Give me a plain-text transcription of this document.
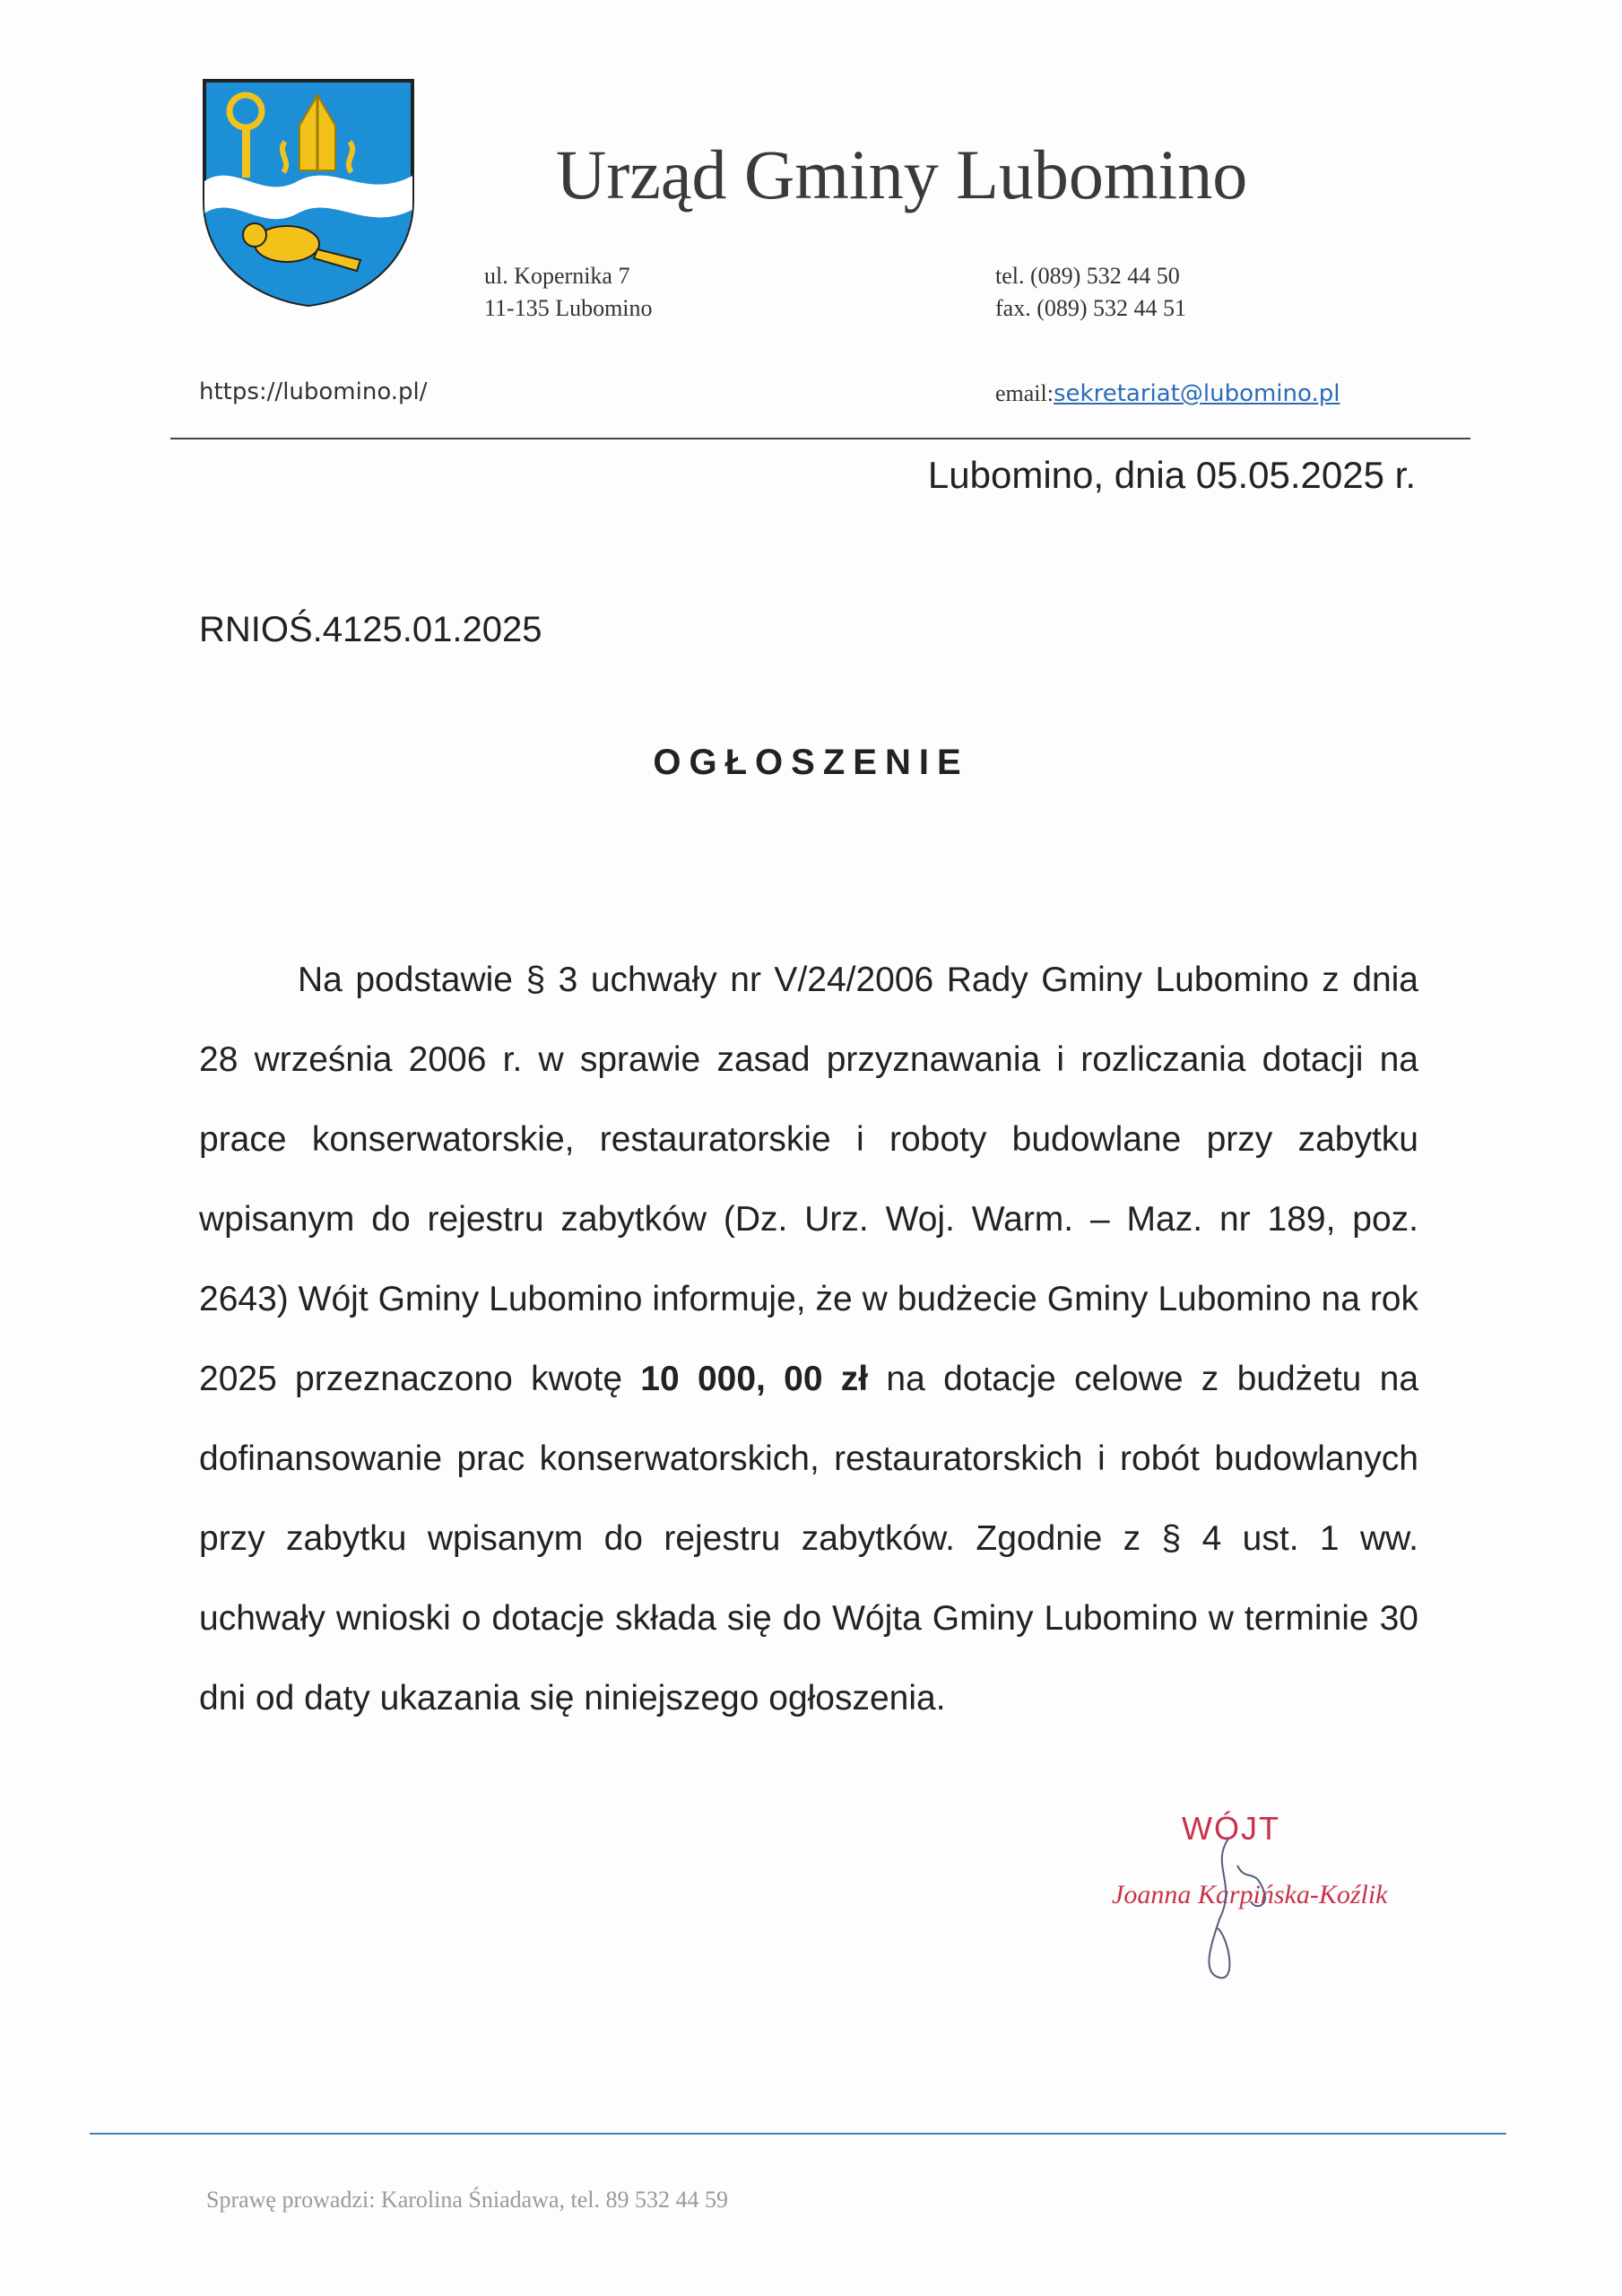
Urząd Gminy Lubomino
ul. Kopernika 7
11-135 Lubomino
tel. (089) 532 44 50
fax. (089) 532 44 51
https://lubomino.pl/	email:sekretariat@lubomino.pl
Lubomino, dnia 05.05.2025 r.
RNIOŚ.4125.01.2025
OGŁOSZENIE

Na podstawie § 3 uchwały nr V/24/2006 Rady Gminy Lubomino z dnia 28 września 2006 r. w sprawie zasad przyznawania i rozliczania dotacji na prace konserwatorskie, restauratorskie i roboty budowlane przy zabytku wpisanym do rejestru zabytków (Dz. Urz. Woj. Warm. – Maz. nr 189, poz. 2643) Wójt Gminy Lubomino informuje, że w budżecie Gminy Lubomino na rok 2025 przeznaczono kwotę 10 000, 00 zł na dotacje celowe z budżetu na dofinansowanie prac konserwatorskich, restauratorskich i robót budowlanych przy zabytku wpisanym do rejestru zabytków. Zgodnie z § 4 ust. 1 ww. uchwały wnioski o dotacje składa się do Wójta Gminy Lubomino w terminie 30 dni od daty ukazania się niniejszego ogłoszenia.

WÓJT
Joanna Karpińska-Koźlik
Sprawę prowadzi: Karolina Śniadawa, tel. 89 532 44 59
